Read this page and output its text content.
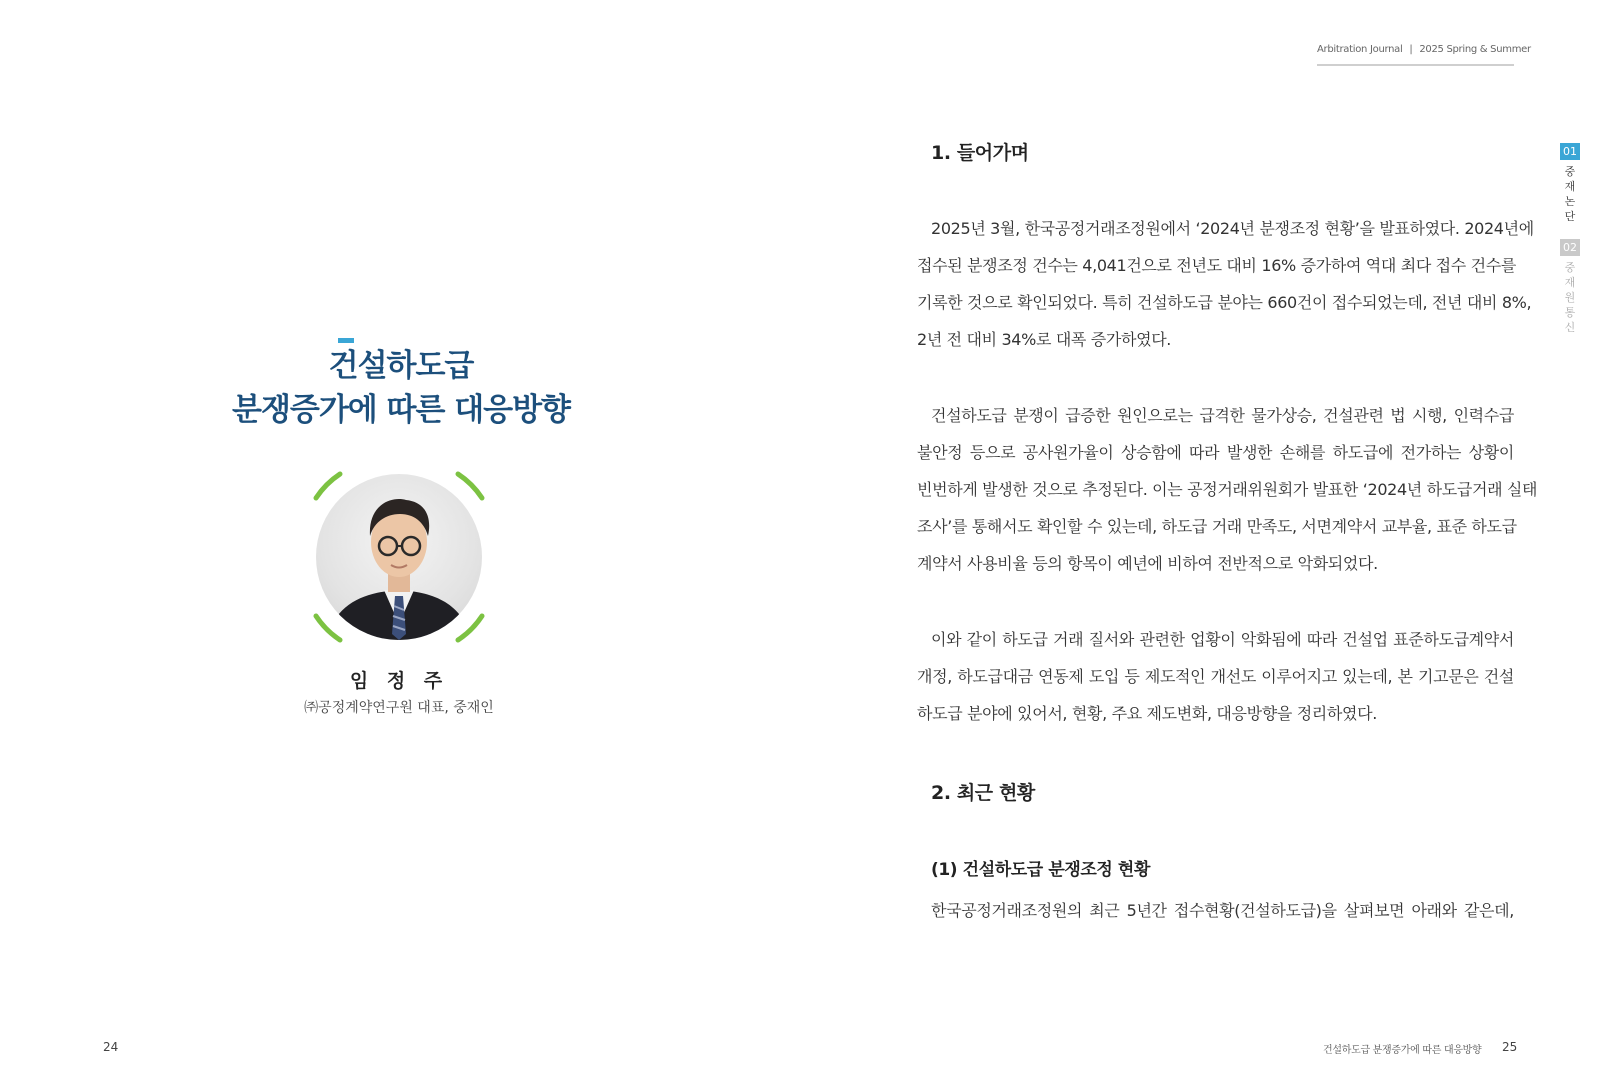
건설하도급
분쟁증가에 따른 대응방향
임 정 주
㈜공정계약연구원 대표, 중재인
24
Arbitration Journal | 2025 Spring & Summer
1. 들어가며
2025년 3월, 한국공정거래조정원에서 ‘2024년 분쟁조정 현황’을 발표하였다. 2024년에
접수된 분쟁조정 건수는 4,041건으로 전년도 대비 16% 증가하여 역대 최다 접수 건수를
기록한 것으로 확인되었다. 특히 건설하도급 분야는 660건이 접수되었는데, 전년 대비 8%,
2년 전 대비 34%로 대폭 증가하였다.
건설하도급 분쟁이 급증한 원인으로는 급격한 물가상승, 건설관련 법 시행, 인력수급
불안정 등으로 공사원가율이 상승함에 따라 발생한 손해를 하도급에 전가하는 상황이
빈번하게 발생한 것으로 추정된다. 이는 공정거래위원회가 발표한 ‘2024년 하도급거래 실태
조사’를 통해서도 확인할 수 있는데, 하도급 거래 만족도, 서면계약서 교부율, 표준 하도급
계약서 사용비율 등의 항목이 예년에 비하여 전반적으로 악화되었다.
이와 같이 하도급 거래 질서와 관련한 업황이 악화됨에 따라 건설업 표준하도급계약서
개정, 하도급대금 연동제 도입 등 제도적인 개선도 이루어지고 있는데, 본 기고문은 건설
하도급 분야에 있어서, 현황, 주요 제도변화, 대응방향을 정리하였다.
2. 최근 현황
(1) 건설하도급 분쟁조정 현황
한국공정거래조정원의 최근 5년간 접수현황(건설하도급)을 살펴보면 아래와 같은데,
건설하도급 분쟁증가에 따른 대응방향 25
01
중
재
논
단
02
중
재
원
통
신
